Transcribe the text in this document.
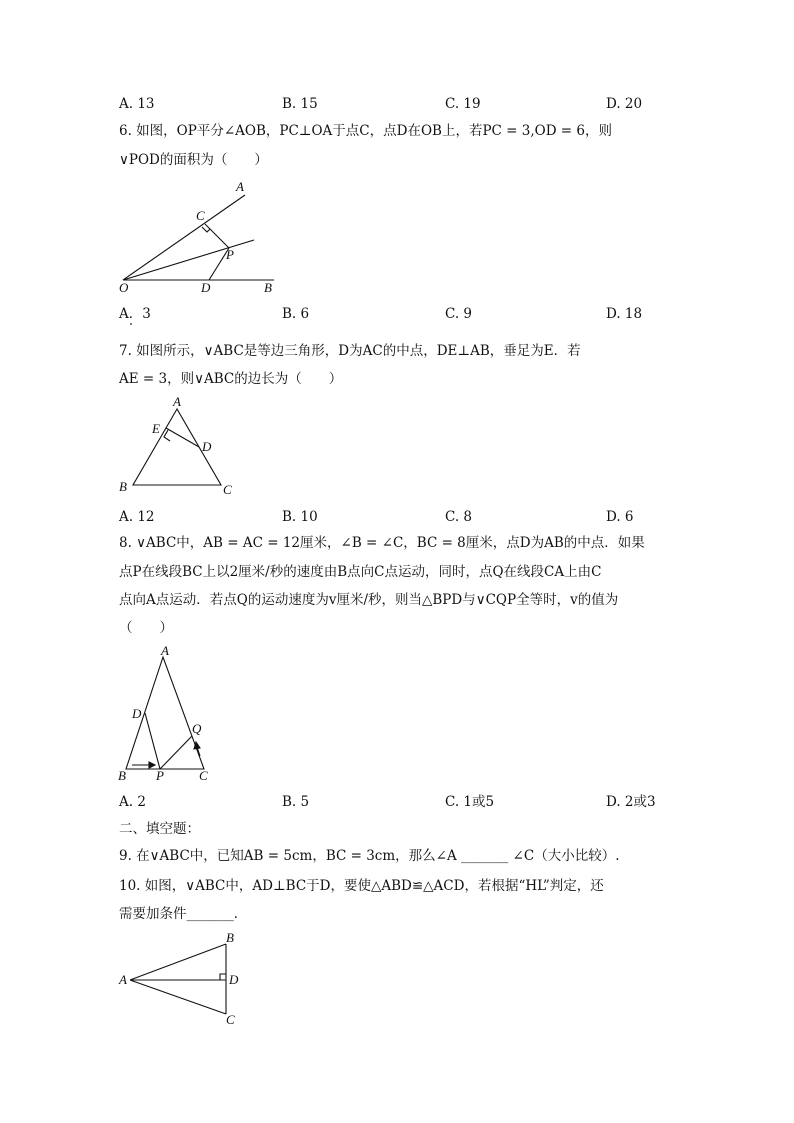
A. 13	B. 15	C. 19	D. 20
6. 如图，OP平分∠AOB，PC⊥OA于点C，点D在OB上，若PC = 3,OD = 6，则
∨POD的面积为（　　）
A
C
P
O	D	B
A．3	B. 6	C. 9	D. 18
7. 如图所示，∨ABC是等边三角形，D为AC的中点，DE⊥AB，垂足为E．若
AE = 3，则∨ABC的边长为（　　）
A
E
D
B	C
A. 12	B. 10	C. 8	D. 6
8. ∨ABC中，AB = AC = 12厘米，∠B = ∠C，BC = 8厘米，点D为AB的中点．如果
点P在线段BC上以2厘米/秒的速度由B点向C点运动，同时，点Q在线段CA上由C
点向A点运动．若点Q的运动速度为v厘米/秒，则当△BPD与∨CQP全等时，v的值为
（　　）
A
D
Q
B P	C
A. 2	B. 5	C. 1或5	D. 2或3
二、填空题：
9. 在∨ABC中，已知AB = 5cm，BC = 3cm，那么∠A _______ ∠C（大小比较）.
10. 如图，∨ABC中，AD⊥BC于D，要使△ABD≌△ACD，若根据“HL”判定，还
需要加条件_______．
A
B
D
C
